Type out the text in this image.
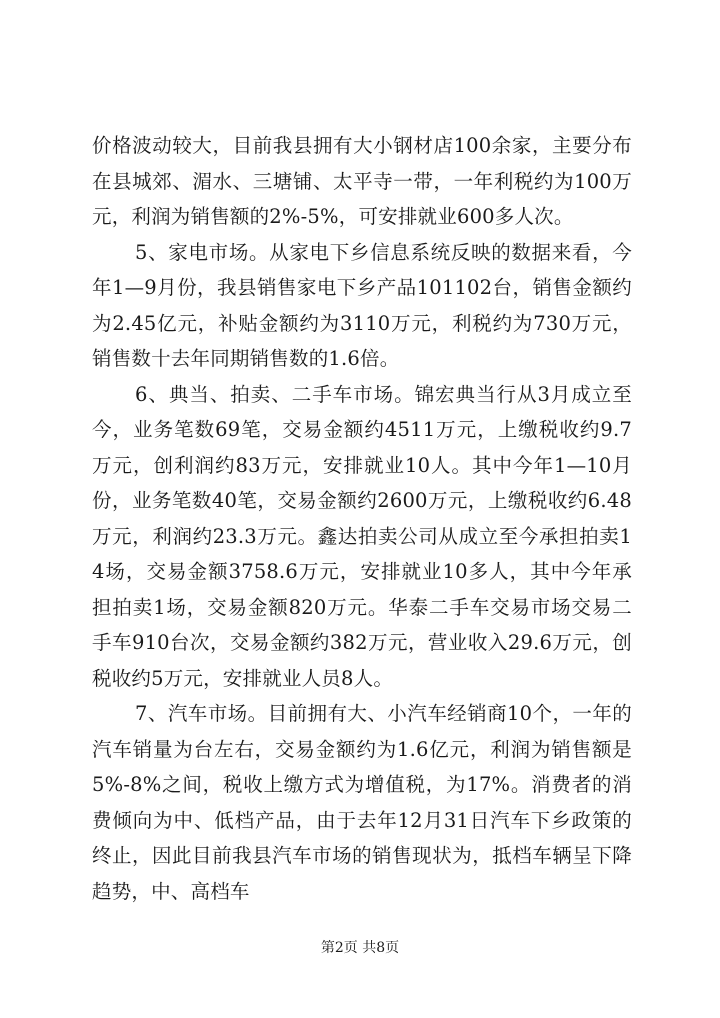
价格波动较大，目前我县拥有大小钢材店100余家，主要分布在县城郊、湄水、三塘铺、太平寺一带，一年利税约为100万元，利润为销售额的2%-5%，可安排就业600多人次。

5、家电市场。从家电下乡信息系统反映的数据来看，今年1—9月份，我县销售家电下乡产品101102台，销售金额约为2.45亿元，补贴金额约为3110万元，利税约为730万元，销售数十去年同期销售数的1.6倍。

6、典当、拍卖、二手车市场。锦宏典当行从3月成立至今，业务笔数69笔，交易金额约4511万元，上缴税收约9.7万元，创利润约83万元，安排就业10人。其中今年1—10月份，业务笔数40笔，交易金额约2600万元，上缴税收约6.48万元，利润约23.3万元。鑫达拍卖公司从成立至今承担拍卖14场，交易金额3758.6万元，安排就业10多人，其中今年承担拍卖1场，交易金额820万元。华泰二手车交易市场交易二手车910台次，交易金额约382万元，营业收入29.6万元，创税收约5万元，安排就业人员8人。

7、汽车市场。目前拥有大、小汽车经销商10个，一年的汽车销量为台左右，交易金额约为1.6亿元，利润为销售额是5%-8%之间，税收上缴方式为增值税，为17%。消费者的消费倾向为中、低档产品，由于去年12月31日汽车下乡政策的终止，因此目前我县汽车市场的销售现状为，抵档车辆呈下降趋势，中、高档车

第2页 共8页
